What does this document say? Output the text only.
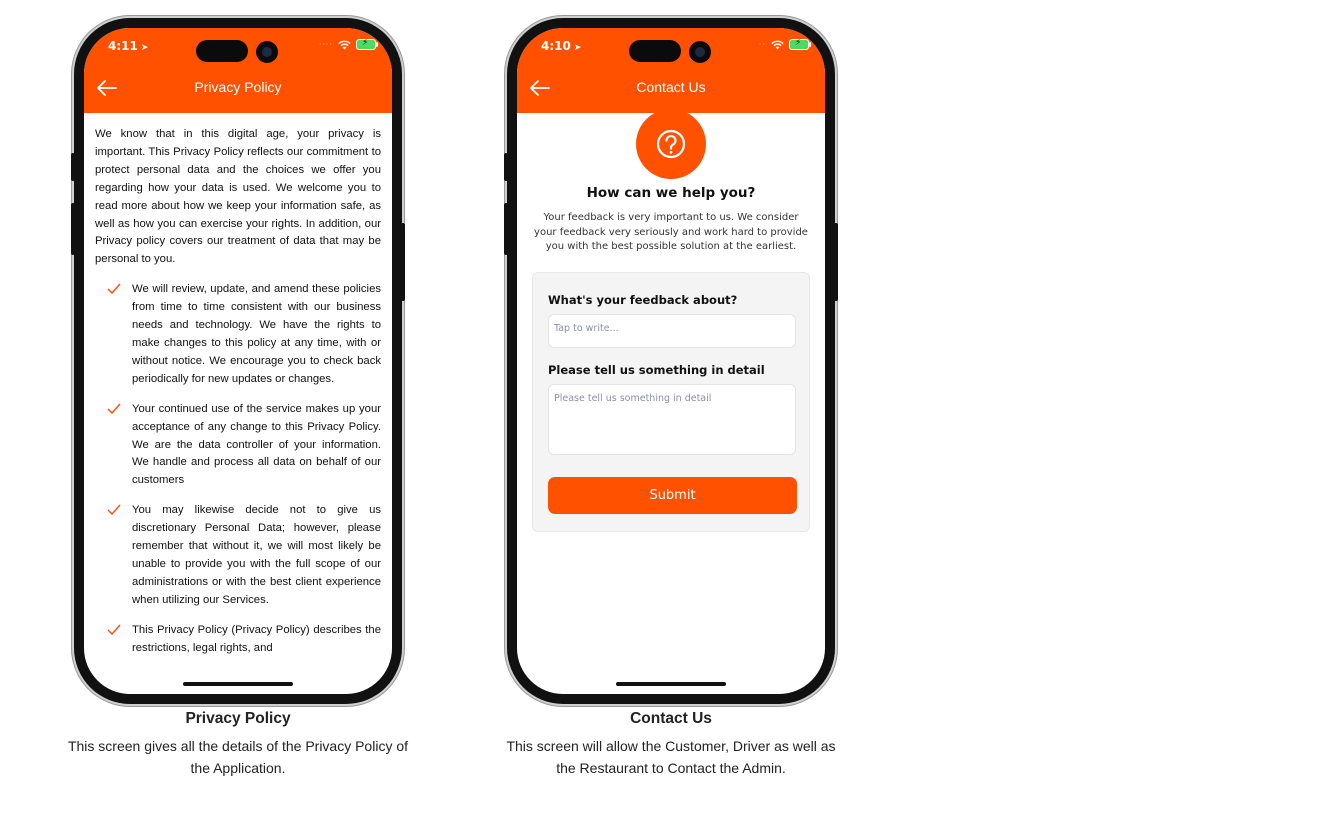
4:11 ➤	····	⚡
Privacy Policy

We know that in this digital age, your privacy is important. This Privacy Policy reflects our commitment to protect personal data and the choices we offer you regarding how your data is used. We welcome you to read more about how we keep your information safe, as well as how you can exercise your rights. In addition, our Privacy policy covers our treatment of data that may be personal to you.

We will review, update, and amend these policies from time to time consistent with our business needs and technology. We have the rights to make changes to this policy at any time, with or without notice. We encourage you to check back periodically for new updates or changes.
Your continued use of the service makes up your acceptance of any change to this Privacy Policy. We are the data controller of your information. We handle and process all data on behalf of our customers
You may likewise decide not to give us discretionary Personal Data; however, please remember that without it, we will most likely be unable to provide you with the full scope of our administrations or with the best client experience when utilizing our Services.
This Privacy Policy (Privacy Policy) describes the restrictions, legal rights, and
4:10 ➤	··	⚡
Contact Us
How can we help you?
Your feedback is very important to us. We consider your feedback very seriously and work hard to provide you with the best possible solution at the earliest.
What's your feedback about?
Tap to write...
Please tell us something in detail
Please tell us something in detail
Submit
Privacy Policy
This screen gives all the details of the Privacy Policy of
the Application.
Contact Us
This screen will allow the Customer, Driver as well as
the Restaurant to Contact the Admin.
